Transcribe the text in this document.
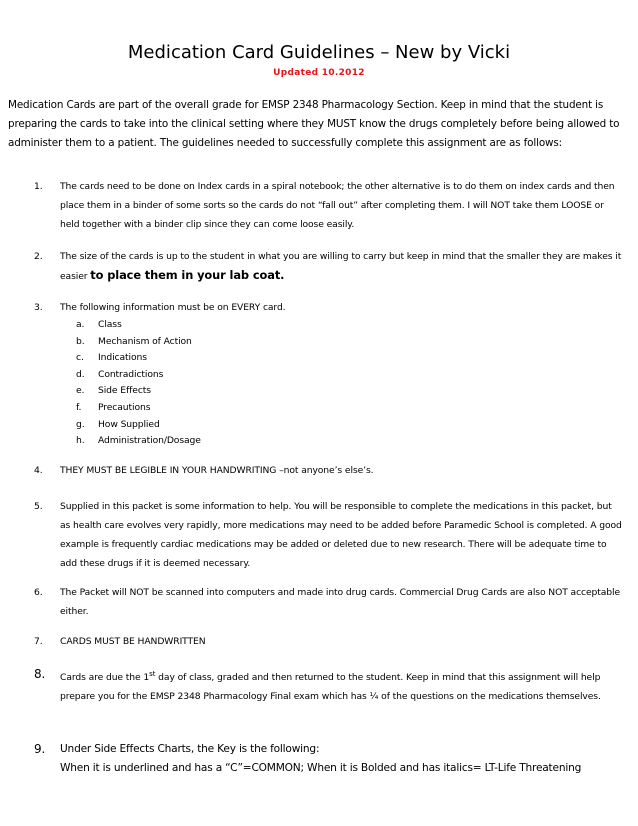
Medication Card Guidelines – New by Vicki
Updated 10.2012
Medication Cards are part of the overall grade for EMSP 2348 Pharmacology Section. Keep in mind that the student is preparing the cards to take into the clinical setting where they MUST know the drugs completely before being allowed to administer them to a patient. The guidelines needed to successfully complete this assignment are as follows:
1.	The cards need to be done on Index cards in a spiral notebook; the other alternative is to do them on index cards and then place them in a binder of some sorts so the cards do not “fall out” after completing them. I will NOT take them LOOSE or held together with a binder clip since they can come loose easily.
2.	The size of the cards is up to the student in what you are willing to carry but keep in mind that the smaller they are makes it easier to place them in your lab coat.
3.	The following information must be on EVERY card.
a. Class
b. Mechanism of Action
c. Indications
d. Contradictions
e. Side Effects
f. Precautions
g. How Supplied
h. Administration/Dosage
4.	THEY MUST BE LEGIBLE IN YOUR HANDWRITING –not anyone’s else’s.
5.	Supplied in this packet is some information to help. You will be responsible to complete the medications in this packet, but as health care evolves very rapidly, more medications may need to be added before Paramedic School is completed. A good example is frequently cardiac medications may be added or deleted due to new research. There will be adequate time to add these drugs if it is deemed necessary.
6.	The Packet will NOT be scanned into computers and made into drug cards. Commercial Drug Cards are also NOT acceptable either.
7.	CARDS MUST BE HANDWRITTEN
8.	Cards are due the 1st day of class, graded and then returned to the student. Keep in mind that this assignment will help prepare you for the EMSP 2348 Pharmacology Final exam which has ¼ of the questions on the medications themselves.
9.	Under Side Effects Charts, the Key is the following:
When it is underlined and has a “C”=COMMON; When it is Bolded and has italics= LT-Life Threatening
